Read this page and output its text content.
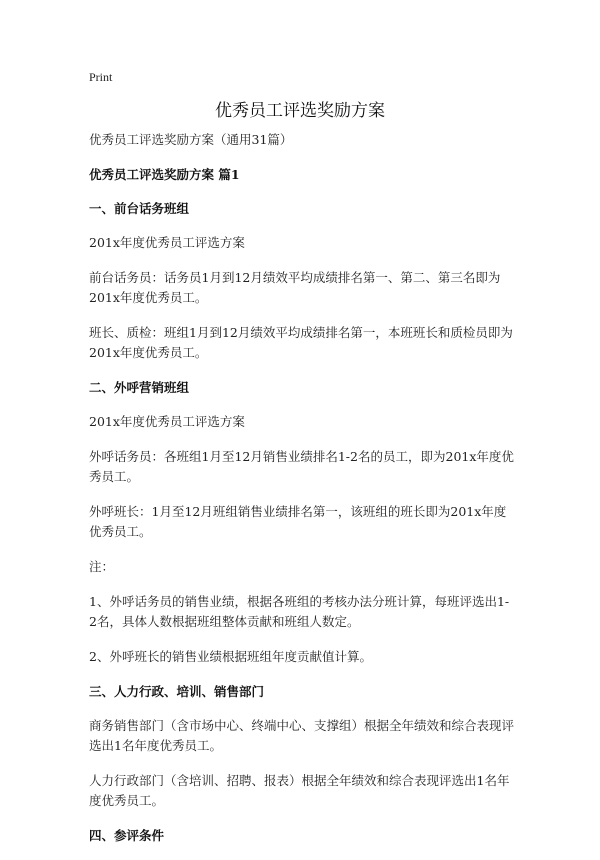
Print
优秀员工评选奖励方案

优秀员工评选奖励方案（通用31篇）

优秀员工评选奖励方案 篇1

一、前台话务班组

201x年度优秀员工评选方案

前台话务员：话务员1月到12月绩效平均成绩排名第一、第二、第三名即为201x年度优秀员工。

班长、质检：班组1月到12月绩效平均成绩排名第一，本班班长和质检员即为201x年度优秀员工。

二、外呼营销班组

201x年度优秀员工评选方案

外呼话务员：各班组1月至12月销售业绩排名1-2名的员工，即为201x年度优秀员工。

外呼班长：1月至12月班组销售业绩排名第一，该班组的班长即为201x年度优秀员工。

注：

1、外呼话务员的销售业绩，根据各班组的考核办法分班计算，每班评选出1-2名，具体人数根据班组整体贡献和班组人数定。

2、外呼班长的销售业绩根据班组年度贡献值计算。

三、人力行政、培训、销售部门

商务销售部门（含市场中心、终端中心、支撑组）根据全年绩效和综合表现评选出1名年度优秀员工。

人力行政部门（含培训、招聘、报表）根据全年绩效和综合表现评选出1名年度优秀员工。

四、参评条件
